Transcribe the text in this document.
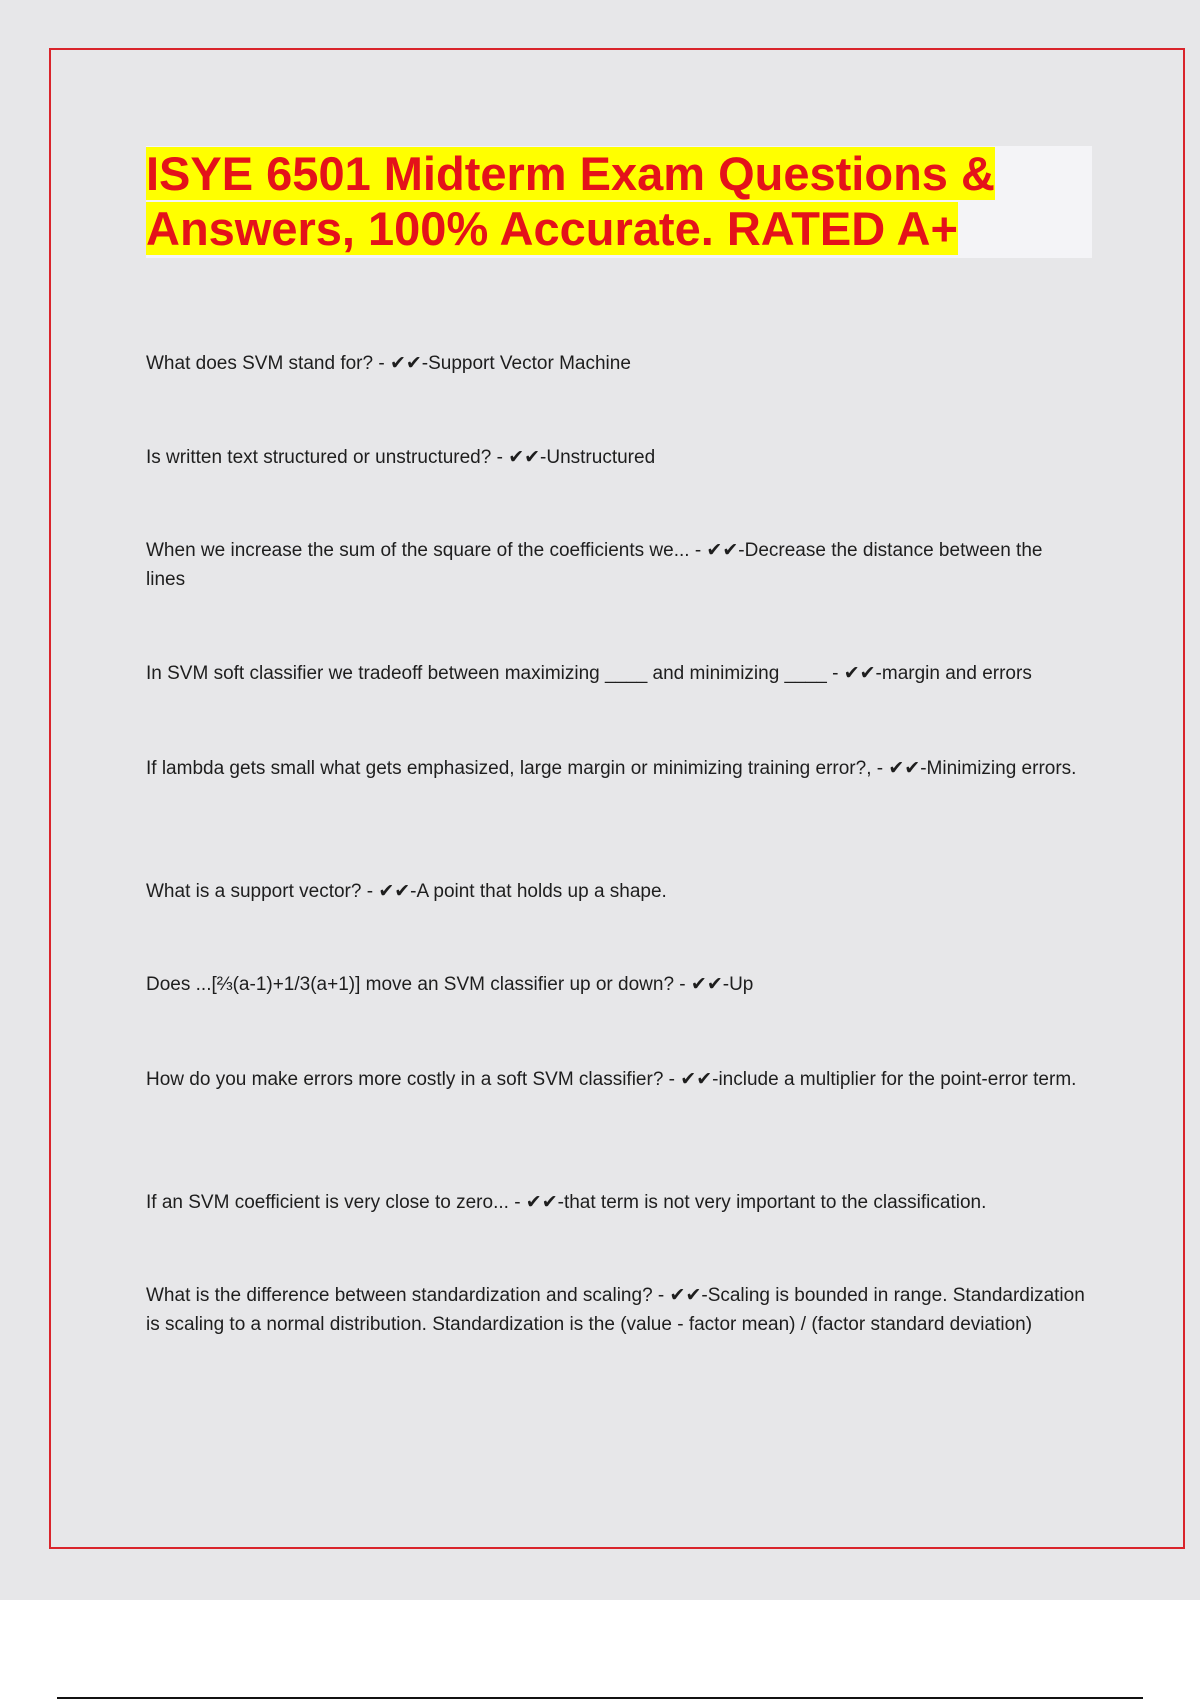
ISYE 6501 Midterm Exam Questions &
Answers, 100% Accurate. RATED A+

What does SVM stand for? - ✔✔-Support Vector Machine

Is written text structured or unstructured? - ✔✔-Unstructured

When we increase the sum of the square of the coefficients we... - ✔✔-Decrease the distance between the lines

In SVM soft classifier we tradeoff between maximizing ____ and minimizing ____ - ✔✔-margin and errors

If lambda gets small what gets emphasized, large margin or minimizing training error?, - ✔✔-Minimizing errors.

What is a support vector? - ✔✔-A point that holds up a shape.

Does ...[⅔(a-1)+1/3(a+1)] move an SVM classifier up or down? - ✔✔-Up

How do you make errors more costly in a soft SVM classifier? - ✔✔-include a multiplier for the point-error term.

If an SVM coefficient is very close to zero... - ✔✔-that term is not very important to the classification.

What is the difference between standardization and scaling? - ✔✔-Scaling is bounded in range. Standardization is scaling to a normal distribution. Standardization is the (value - factor mean) / (factor standard deviation)
